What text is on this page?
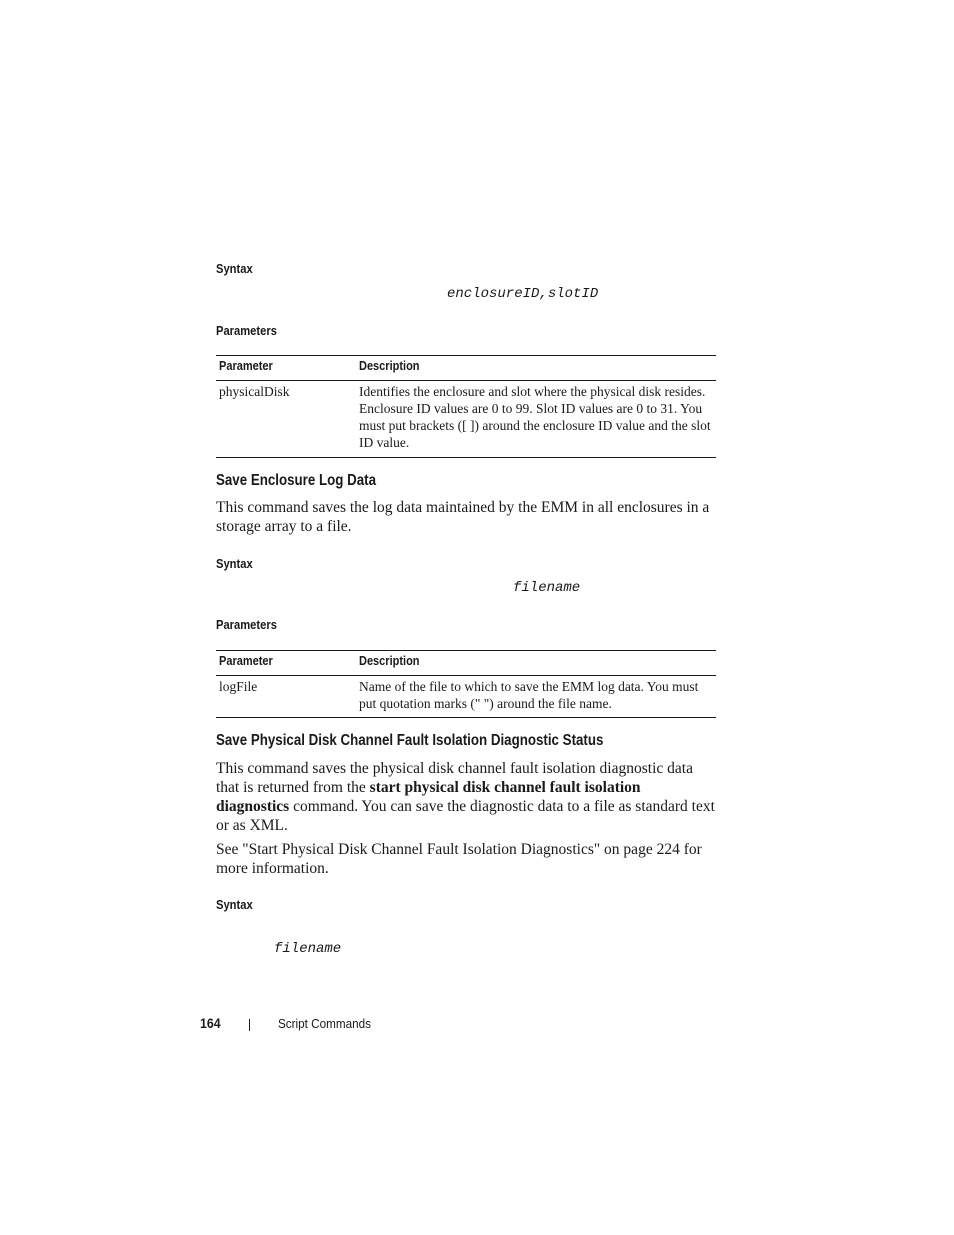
Syntax
enclosureID,slotID
Parameters
Parameter	Description
physicalDisk	Identifies the enclosure and slot where the physical disk resides. Enclosure ID values are 0 to 99. Slot ID values are 0 to 31. You must put brackets ([ ]) around the enclosure ID value and the slot ID value.
Save Enclosure Log Data
This command saves the log data maintained by the EMM in all enclosures in a storage array to a file.
Syntax
filename
Parameters
Parameter	Description
logFile	Name of the file to which to save the EMM log data. You must put quotation marks (" ") around the file name.
Save Physical Disk Channel Fault Isolation Diagnostic Status
This command saves the physical disk channel fault isolation diagnostic data that is returned from the start physical disk channel fault isolation diagnostics command. You can save the diagnostic data to a file as standard text or as XML.
See "Start Physical Disk Channel Fault Isolation Diagnostics" on page 224 for more information.
Syntax
filename
164	Script Commands
